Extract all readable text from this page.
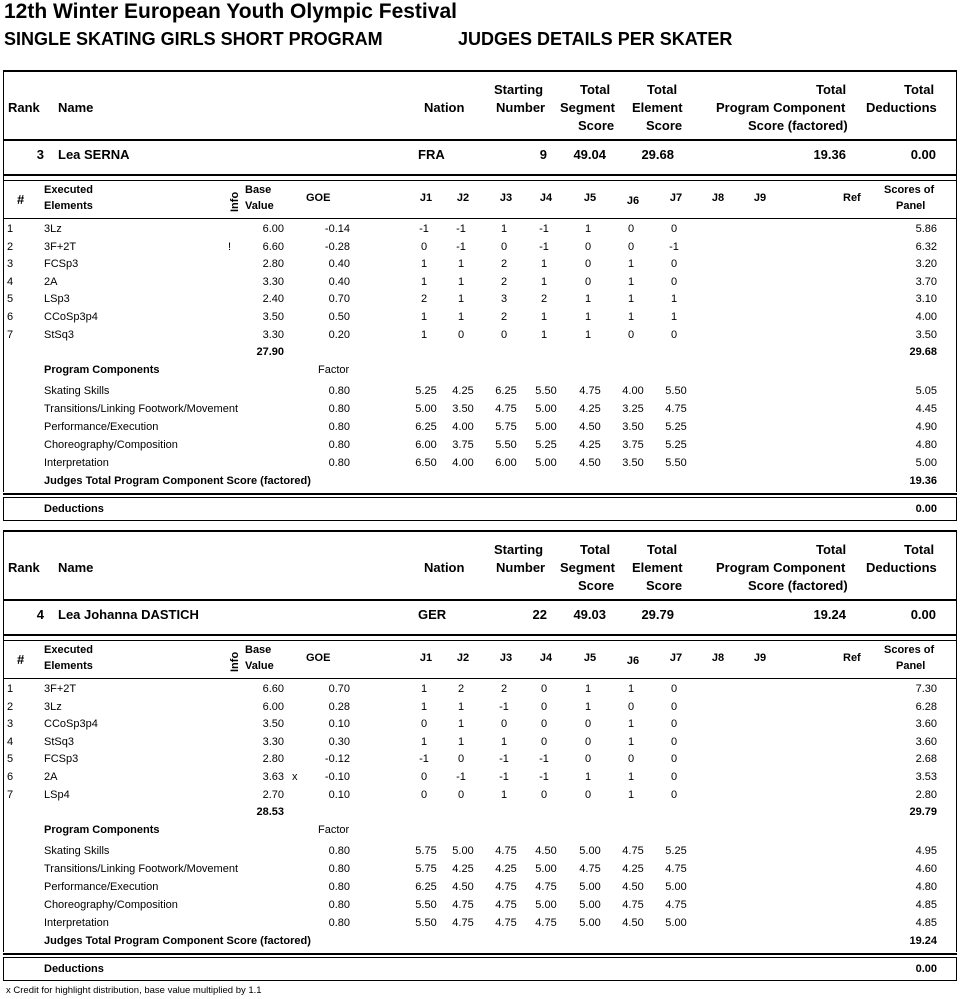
12th Winter European Youth Olympic Festival
SINGLE SKATING GIRLS SHORT PROGRAM	JUDGES DETAILS PER SKATER
Rank Name	Nation
Starting
Number
Total
Segment
Score
Total
Element
Score
Total
Program Component
Score (factored)
Total
Deductions
3 Lea SERNA	FRA	9	49.04	29.68	19.36	0.00
#
Executed
Elements	Info
Base
Value
GOE	J1	J2	J3	J4	J5	J6	J7	J8	J9	Ref
Scores of
Panel
1	3Lz	6.00	-0.14	-1	-1	1	-1	1	0	0	5.86
2	3F+2T	!	6.60	-0.28	0	-1	0	-1	0	0	-1	6.32
3	FCSp3	2.80	0.40	1	1	2	1	0	1	0	3.20
4	2A	3.30	0.40	1	1	2	1	0	1	0	3.70
5	LSp3	2.40	0.70	2	1	3	2	1	1	1	3.10
6	CCoSp3p4	3.50	0.50	1	1	2	1	1	1	1	4.00
7	StSq3	3.30	0.20	1	0	0	1	1	0	0	3.50
27.90	29.68
Program Components	Factor
Skating Skills	0.80	5.25 4.25 6.25 5.50 4.75 4.00 5.50	5.05
Transitions/Linking Footwork/Movement	0.80	5.00 3.50 4.75 5.00 4.25 3.25 4.75	4.45
Performance/Execution	0.80	6.25 4.00 5.75 5.00 4.50 3.50 5.25	4.90
Choreography/Composition	0.80	6.00 3.75 5.50 5.25 4.25 3.75 5.25	4.80
Interpretation	0.80	6.50 4.00 6.00 5.00 4.50 3.50 5.50	5.00
Judges Total Program Component Score (factored)	19.36
Deductions	0.00
Rank Name	Nation
Starting
Number
Total
Segment
Score
Total
Element
Score
Total
Program Component
Score (factored)
Total
Deductions
4 Lea Johanna DASTICH	GER	22	49.03	29.79	19.24	0.00
#
Executed
Elements	Info
Base
Value
GOE	J1	J2	J3	J4	J5	J6	J7	J8	J9	Ref
Scores of
Panel
1	3F+2T	6.60	0.70	1	2	2	0	1	1	0	7.30
2	3Lz	6.00	0.28	1	1	-1	0	1	0	0	6.28
3	CCoSp3p4	3.50	0.10	0	1	0	0	0	1	0	3.60
4	StSq3	3.30	0.30	1	1	1	0	0	1	0	3.60
5	FCSp3	2.80	-0.12	-1	0	-1	-1	0	0	0	2.68
6	2A	3.63 x	-0.10	0	-1	-1	-1	1	1	0	3.53
7	LSp4	2.70	0.10	0	0	1	0	0	1	0	2.80
28.53	29.79
Program Components	Factor
Skating Skills	0.80	5.75 5.00 4.75 4.50 5.00 4.75 5.25	4.95
Transitions/Linking Footwork/Movement	0.80	5.75 4.25 4.25 5.00 4.75 4.25 4.75	4.60
Performance/Execution	0.80	6.25 4.50 4.75 4.75 5.00 4.50 5.00	4.80
Choreography/Composition	0.80	5.50 4.75 4.75 5.00 5.00 4.75 4.75	4.85
Interpretation	0.80	5.50 4.75 4.75 4.75 5.00 4.50 5.00	4.85
Judges Total Program Component Score (factored)	19.24
Deductions	0.00
x Credit for highlight distribution, base value multiplied by 1.1
